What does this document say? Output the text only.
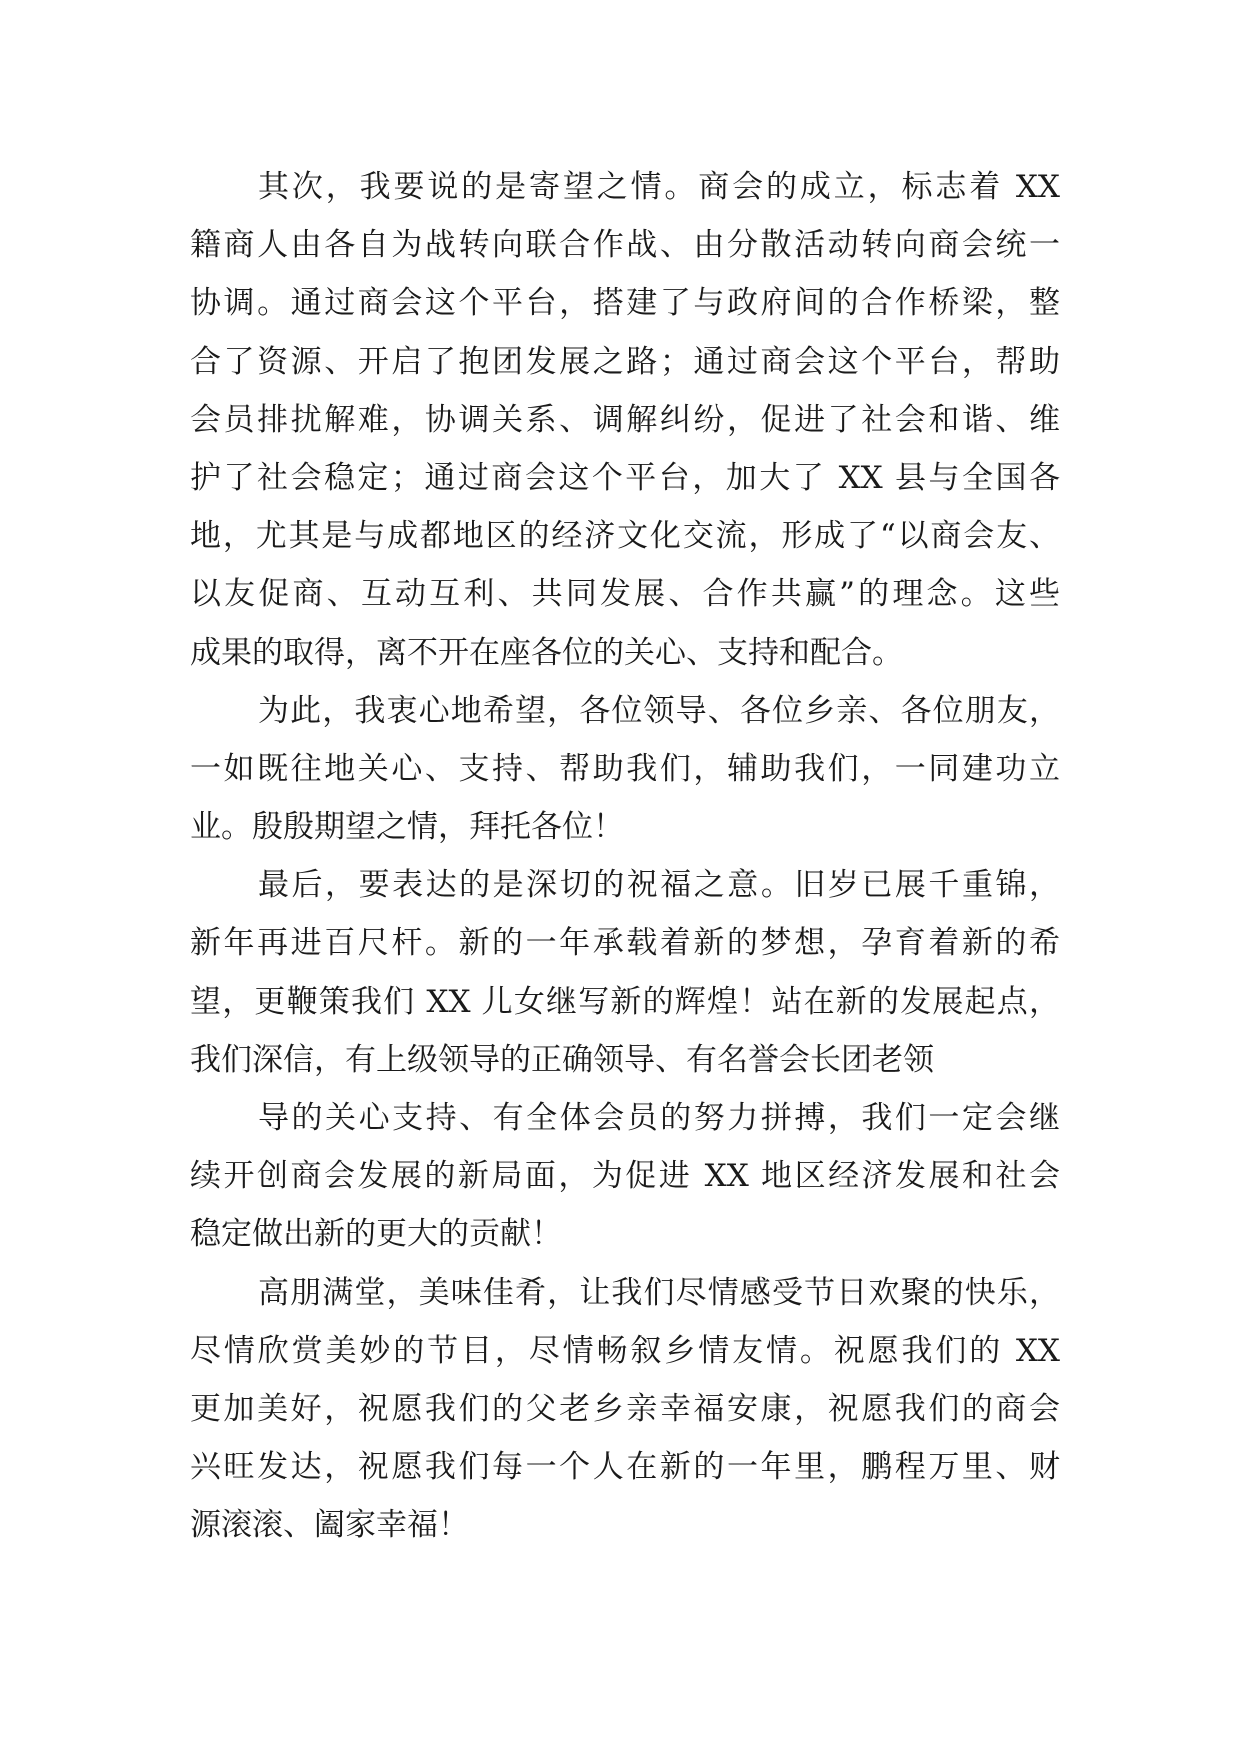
其次，我要说的是寄望之情。商会的成立，标志着 XX
籍商人由各自为战转向联合作战、由分散活动转向商会统一
协调。通过商会这个平台，搭建了与政府间的合作桥梁，整
合了资源、开启了抱团发展之路；通过商会这个平台，帮助
会员排扰解难，协调关系、调解纠纷，促进了社会和谐、维
护了社会稳定；通过商会这个平台，加大了 XX 县与全国各
地，尤其是与成都地区的经济文化交流，形成了“以商会友、
以友促商、互动互利、共同发展、合作共赢”的理念。这些
成果的取得，离不开在座各位的关心、支持和配合。
为此，我衷心地希望，各位领导、各位乡亲、各位朋友，
一如既往地关心、支持、帮助我们，辅助我们，一同建功立
业。殷殷期望之情，拜托各位！
最后，要表达的是深切的祝福之意。旧岁已展千重锦，
新年再进百尺杆。新的一年承载着新的梦想，孕育着新的希
望，更鞭策我们 XX 儿女继写新的辉煌！站在新的发展起点，
我们深信，有上级领导的正确领导、有名誉会长团老领
导的关心支持、有全体会员的努力拼搏，我们一定会继
续开创商会发展的新局面，为促进 XX 地区经济发展和社会
稳定做出新的更大的贡献！
高朋满堂，美味佳肴，让我们尽情感受节日欢聚的快乐，
尽情欣赏美妙的节目，尽情畅叙乡情友情。祝愿我们的 XX
更加美好，祝愿我们的父老乡亲幸福安康，祝愿我们的商会
兴旺发达，祝愿我们每一个人在新的一年里，鹏程万里、财
源滚滚、阖家幸福！
